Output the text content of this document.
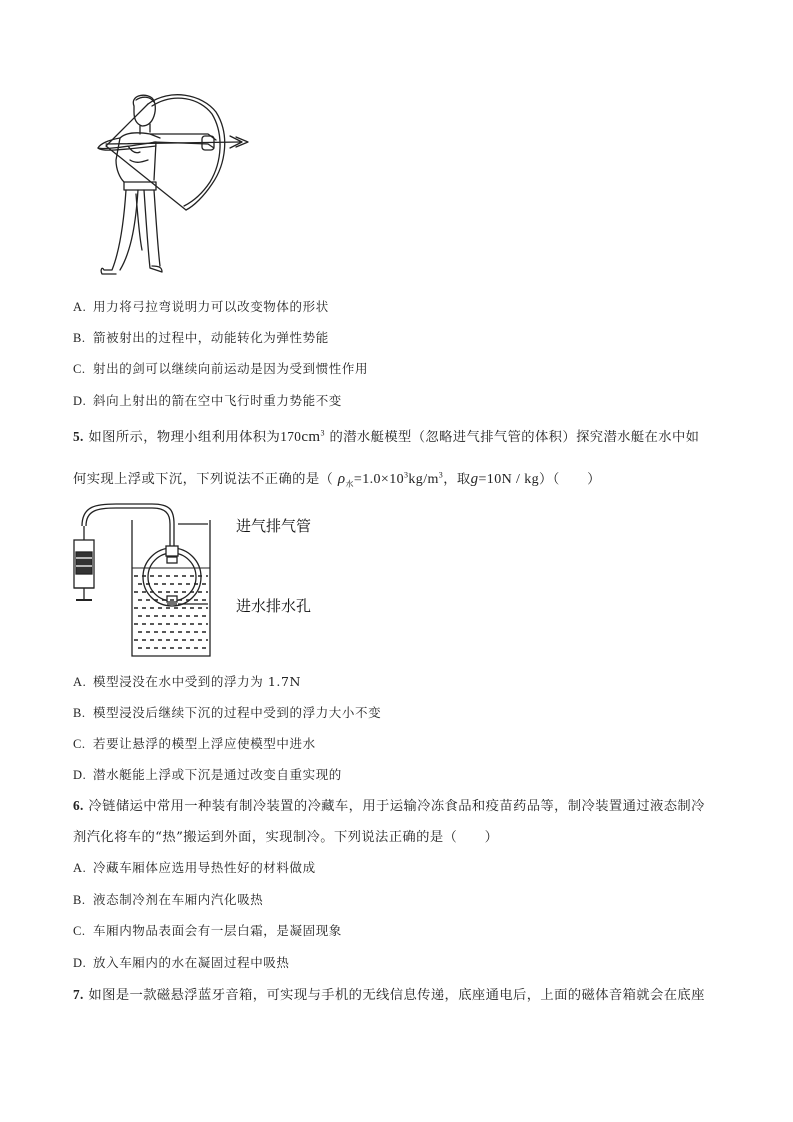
A. 用力将弓拉弯说明力可以改变物体的形状
B. 箭被射出的过程中，动能转化为弹性势能
C. 射出的剑可以继续向前运动是因为受到惯性作用
D. 斜向上射出的箭在空中飞行时重力势能不变
5. 如图所示，物理小组利用体积为$170cm^3$ 的潜水艇模型（忽略进气排气管的体积）探究潜水艇在水中如
何实现上浮或下沉，下列说法不正确的是（ $\rho_水=1.0\times 10^3kg/m^3$，取g=10N / kg）（　　）
进气排气管
进水排水孔
A. 模型浸没在水中受到的浮力为 1.7N
B. 模型浸没后继续下沉的过程中受到的浮力大小不变
C. 若要让悬浮的模型上浮应使模型中进水
D. 潜水艇能上浮或下沉是通过改变自重实现的
6. 冷链储运中常用一种装有制冷装置的冷藏车，用于运输冷冻食品和疫苗药品等，制冷装置通过液态制冷
剂汽化将车的“热”搬运到外面，实现制冷。下列说法正确的是（　　）
A. 冷藏车厢体应选用导热性好的材料做成
B. 液态制冷剂在车厢内汽化吸热
C. 车厢内物品表面会有一层白霜，是凝固现象
D. 放入车厢内的水在凝固过程中吸热
7. 如图是一款磁悬浮蓝牙音箱，可实现与手机的无线信息传递，底座通电后，上面的磁体音箱就会在底座
